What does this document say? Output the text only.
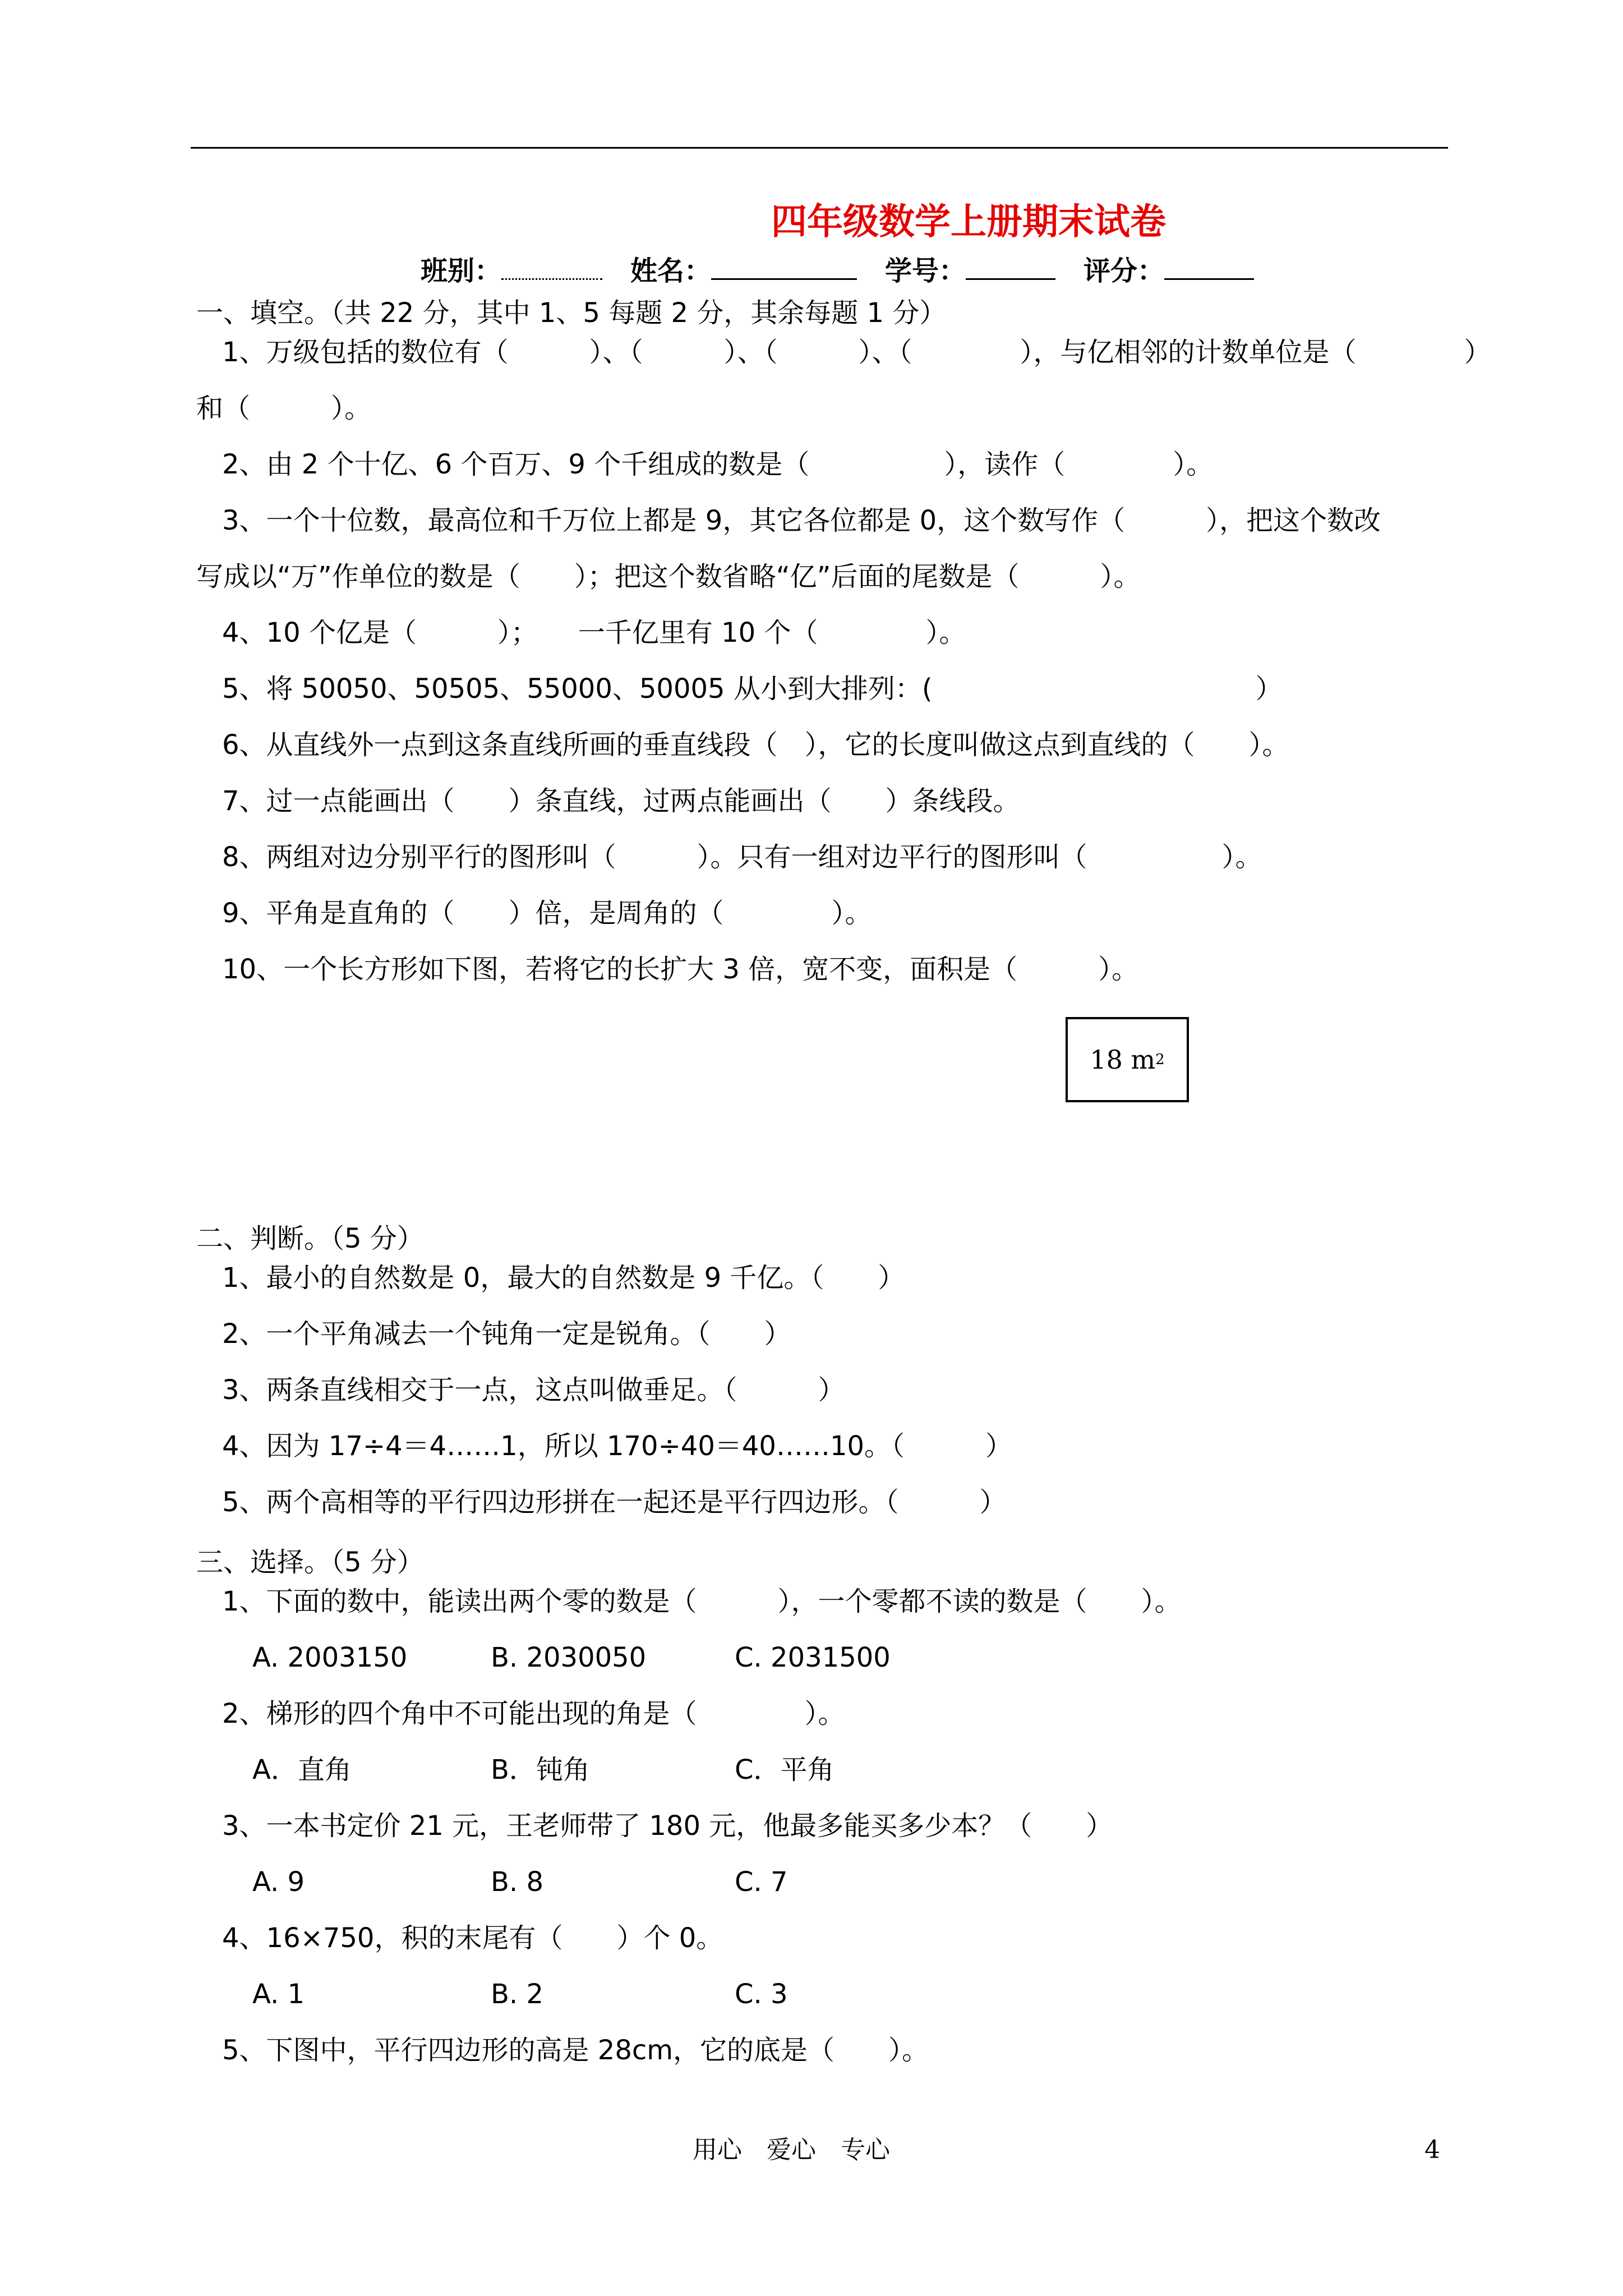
四年级数学上册期末试卷
班别：	姓名：	学号：	评分：
一、填空。（共 22 分，其中 1、5 每题 2 分，其余每题 1 分）
1、万级包括的数位有（　　　）、（　　　）、（　　　）、（　　　　），与亿相邻的计数单位是（　　　　）
和（　　　）。
2、由 2 个十亿、6 个百万、9 个千组成的数是（　　　　　），读作（　　　　）。
3、一个十位数，最高位和千万位上都是 9，其它各位都是 0，这个数写作（　　　），把这个数改
写成以“万”作单位的数是（　　）；把这个数省略“亿”后面的尾数是（　　　）。
4、10 个亿是（　　　）；　　一千亿里有 10 个（　　　　）。
5、将 50050、50505、55000、50005 从小到大排列：(　　　　　　　　　　　　）
6、从直线外一点到这条直线所画的垂直线段（　），它的长度叫做这点到直线的（　　）。
7、过一点能画出（　　）条直线，过两点能画出（　　）条线段。
8、两组对边分别平行的图形叫（　　　）。只有一组对边平行的图形叫（　　　　　）。
9、平角是直角的（　　）倍，是周角的（　　　　）。
10、一个长方形如下图，若将它的长扩大 3 倍，宽不变，面积是（　　　）。
18 m 2
二、判断。（5 分）
1、最小的自然数是 0，最大的自然数是 9 千亿。（　　）
2、一个平角减去一个钝角一定是锐角。（　　）
3、两条直线相交于一点，这点叫做垂足。（　　　）
4、因为 17÷4＝4……1，所以 170÷40＝40……10。（　　　）
5、两个高相等的平行四边形拼在一起还是平行四边形。（　　　）
三、选择。（5 分）
1、下面的数中，能读出两个零的数是（　　　），一个零都不读的数是（　　）。
A. 2003150	B. 2030050	C. 2031500
2、梯形的四个角中不可能出现的角是（　　　　）。
A．直角	B．钝角	C．平角
3、一本书定价 21 元，王老师带了 180 元，他最多能买多少本？（　　）
A. 9	B. 8	C. 7
4、16×750，积的末尾有（　　）个 0。
A. 1	B. 2	C. 3
5、下图中，平行四边形的高是 28cm，它的底是（　　）。
用心 爱心 专心	4
